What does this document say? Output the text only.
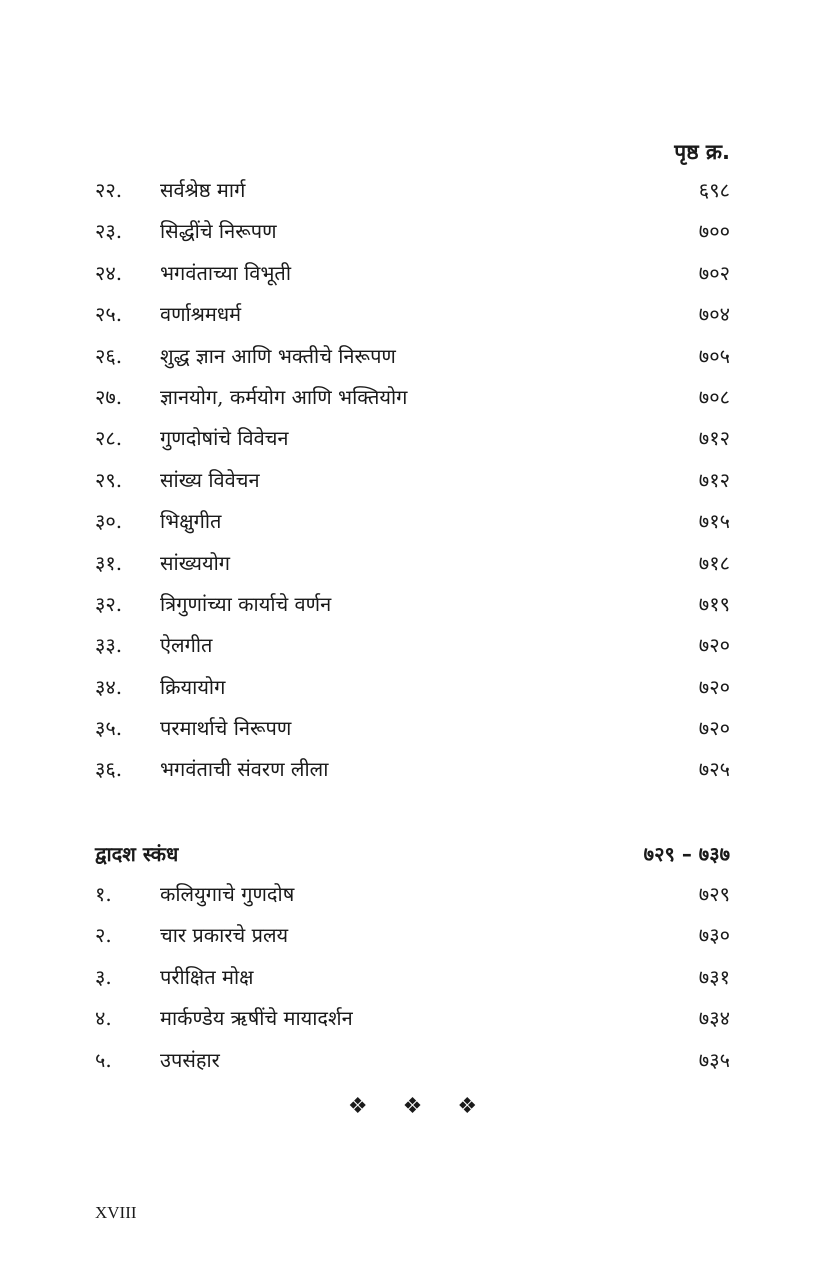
पृष्ठ क्र.
२२.	सर्वश्रेष्ठ मार्ग	६९८
२३.	सिद्धींचे निरूपण	७००
२४.	भगवंताच्या विभूती	७०२
२५.	वर्णाश्रमधर्म	७०४
२६.	शुद्ध ज्ञान आणि भक्तीचे निरूपण	७०५
२७.	ज्ञानयोग, कर्मयोग आणि भक्तियोग	७०८
२८.	गुणदोषांचे विवेचन	७१२
२९.	सांख्य विवेचन	७१२
३०.	भिक्षुगीत	७१५
३१.	सांख्ययोग	७१८
३२.	त्रिगुणांच्या कार्याचे वर्णन	७१९
३३.	ऐलगीत	७२०
३४.	क्रियायोग	७२०
३५.	परमार्थाचे निरूपण	७२०
३६.	भगवंताची संवरण लीला	७२५
द्वादश स्कंध	७२९ – ७३७
१.	कलियुगाचे गुणदोष	७२९
२.	चार प्रकारचे प्रलय	७३०
३.	परीक्षित मोक्ष	७३१
४.	मार्कण्डेय ऋषींचे मायादर्शन	७३४
५.	उपसंहार	७३५
❖ ❖ ❖
XVIII
